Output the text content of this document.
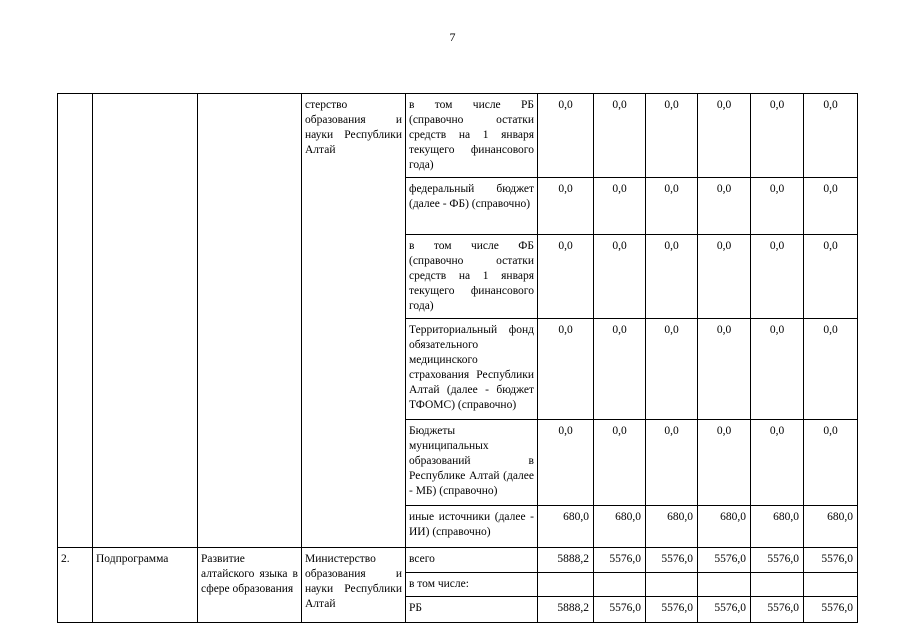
7
			стерство образования и науки Республики Алтай	в том числе РБ (справочно остатки средств на 1 января текущего финансового года)	0,0	0,0	0,0	0,0	0,0	0,0
				федеральный бюджет (далее - ФБ) (справочно)	0,0	0,0	0,0	0,0	0,0	0,0
				в том числе ФБ (справочно остатки средств на 1 января текущего финансового года)	0,0	0,0	0,0	0,0	0,0	0,0
				Территориальный фонд обязательного медицинского страхования Республики Алтай (далее - бюджет ТФОМС) (справочно)	0,0	0,0	0,0	0,0	0,0	0,0
				Бюджеты муниципальных образований в Республике Алтай (далее - МБ) (справочно)	0,0	0,0	0,0	0,0	0,0	0,0
				иные источники (далее - ИИ) (справочно)	680,0	680,0	680,0	680,0	680,0	680,0
2.	Подпрограмма	Развитие алтайского языка в сфере образования	Министерство образования и науки Республики Алтай	всего	5888,2	5576,0	5576,0	5576,0	5576,0	5576,0
				в том числе:						
				РБ	5888,2	5576,0	5576,0	5576,0	5576,0	5576,0
